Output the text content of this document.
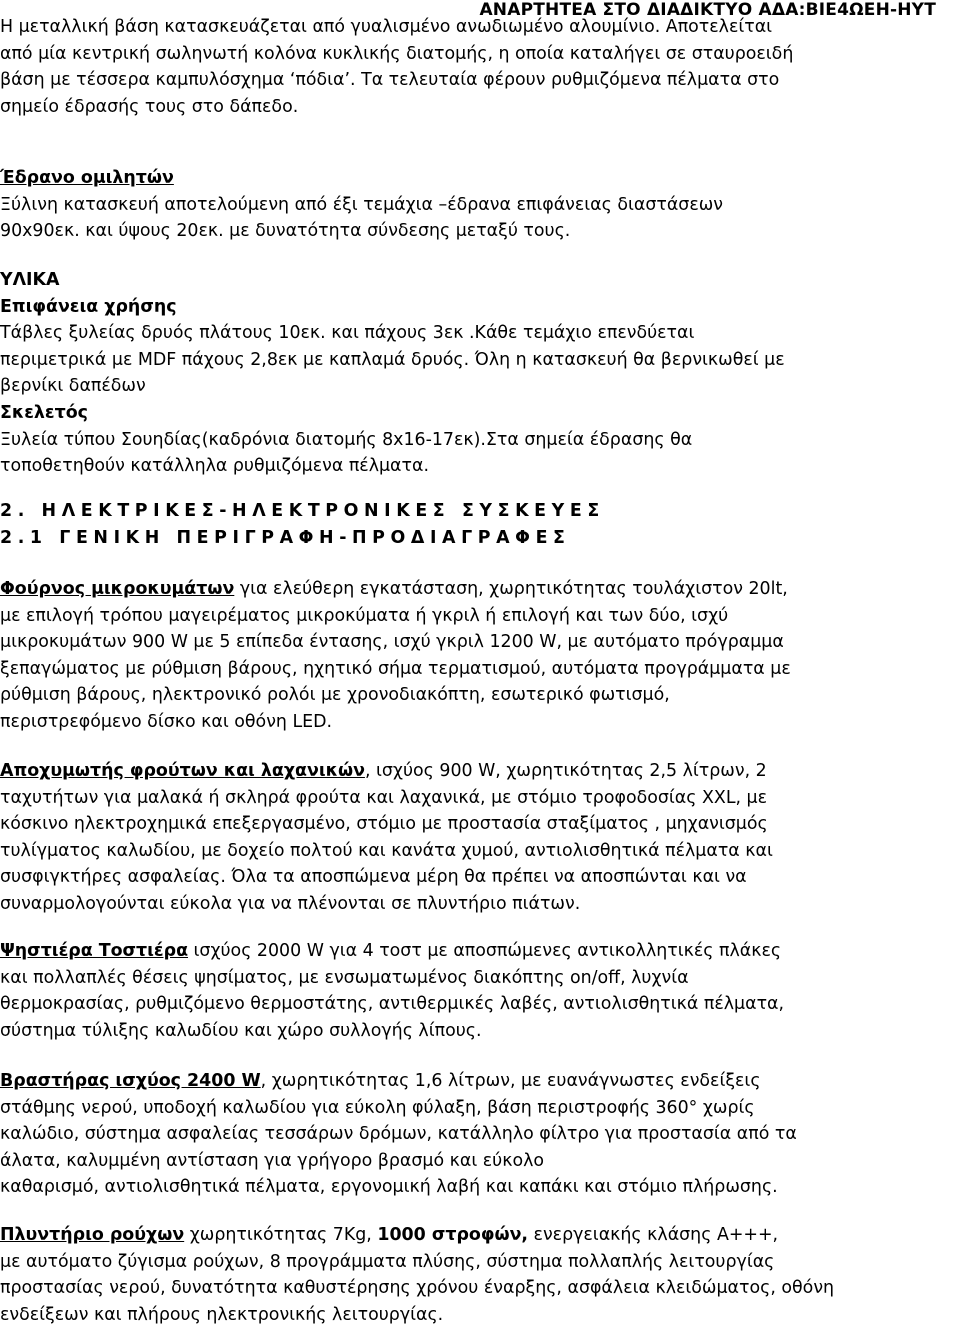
ΑΝΑΡΤΗΤΕΑ ΣΤΟ ΔΙΑΔΙΚΤΥΟ ΑΔΑ:ΒΙΕ4ΩΕΗ-ΗΥΤ
Η μεταλλική βάση κατασκευάζεται από γυαλισμένο ανωδιωμένο αλουμίνιο. Αποτελείται
από μία κεντρική σωληνωτή κολόνα κυκλικής διατομής, η οποία καταλήγει σε σταυροειδή
βάση με τέσσερα καμπυλόσχημα ‘πόδια’. Τα τελευταία φέρουν ρυθμιζόμενα πέλματα στο
σημείο έδρασής τους στο δάπεδο.
Έδρανο ομιλητών
Ξύλινη κατασκευή αποτελούμενη από έξι τεμάχια –έδρανα επιφάνειας διαστάσεων
90x90εκ. και ύψους 20εκ. με δυνατότητα σύνδεσης μεταξύ τους.
ΥΛΙΚΑ
Επιφάνεια χρήσης
Τάβλες ξυλείας δρυός πλάτους 10εκ. και πάχους 3εκ .Κάθε τεμάχιο επενδύεται
περιμετρικά με MDF πάχους 2,8εκ με καπλαμά δρυός. Όλη η κατασκευή θα βερνικωθεί με
βερνίκι δαπέδων
Σκελετός
Ξυλεία τύπου Σουηδίας(καδρόνια διατομής 8x16-17εκ).Στα σημεία έδρασης θα
τοποθετηθούν κατάλληλα ρυθμιζόμενα πέλματα.
2. ΗΛΕΚΤΡΙΚΕΣ-ΗΛΕΚΤΡΟΝΙΚΕΣ ΣΥΣΚΕΥΕΣ
2.1 ΓΕΝΙΚΗ ΠΕΡΙΓΡΑΦΗ-ΠΡΟΔΙΑΓΡΑΦΕΣ
Φούρνος μικροκυμάτων για ελεύθερη εγκατάσταση, χωρητικότητας τουλάχιστον 20lt,
με επιλογή τρόπου μαγειρέματος μικροκύματα ή γκριλ ή επιλογή και των δύο, ισχύ
μικροκυμάτων 900 W με 5 επίπεδα έντασης, ισχύ γκριλ 1200 W, με αυτόματο πρόγραμμα
ξεπαγώματος με ρύθμιση βάρους, ηχητικό σήμα τερματισμού, αυτόματα προγράμματα με
ρύθμιση βάρους, ηλεκτρονικό ρολόι με χρονοδιακόπτη, εσωτερικό φωτισμό,
περιστρεφόμενο δίσκο και οθόνη LED.
Αποχυμωτής φρούτων και λαχανικών, ισχύος 900 W, χωρητικότητας 2,5 λίτρων, 2
ταχυτήτων για μαλακά ή σκληρά φρούτα και λαχανικά, με στόμιο τροφοδοσίας XXL, με
κόσκινο ηλεκτροχημικά επεξεργασμένο, στόμιο με προστασία σταξίματος , μηχανισμός
τυλίγματος καλωδίου, με δοχείο πολτού και κανάτα χυμού, αντιολισθητικά πέλματα και
συσφιγκτήρες ασφαλείας. Όλα τα αποσπώμενα μέρη θα πρέπει να αποσπώνται και να
συναρμολογούνται εύκολα για να πλένονται σε πλυντήριο πιάτων.
Ψηστιέρα Τοστιέρα ισχύος 2000 W για 4 τοστ με αποσπώμενες αντικολλητικές πλάκες
και πολλαπλές θέσεις ψησίματος, με ενσωματωμένος διακόπτης on/off, λυχνία
θερμοκρασίας, ρυθμιζόμενο θερμοστάτης, αντιθερμικές λαβές, αντιολισθητικά πέλματα,
σύστημα τύλιξης καλωδίου και χώρο συλλογής λίπους.
Βραστήρας ισχύος 2400 W, χωρητικότητας 1,6 λίτρων, με ευανάγνωστες ενδείξεις
στάθμης νερού, υποδοχή καλωδίου για εύκολη φύλαξη, βάση περιστροφής 360° χωρίς
καλώδιο, σύστημα ασφαλείας τεσσάρων δρόμων, κατάλληλο φίλτρο για προστασία από τα
άλατα, καλυμμένη αντίσταση για γρήγορο βρασμό και εύκολο
καθαρισμό, αντιολισθητικά πέλματα, εργονομική λαβή και καπάκι και στόμιο πλήρωσης.
Πλυντήριο ρούχων χωρητικότητας 7Kg, 1000 στροφών, ενεργειακής κλάσης Α+++,
με αυτόματο ζύγισμα ρούχων, 8 προγράμματα πλύσης, σύστημα πολλαπλής λειτουργίας
προστασίας νερού, δυνατότητα καθυστέρησης χρόνου έναρξης, ασφάλεια κλειδώματος, οθόνη
ενδείξεων και πλήρους ηλεκτρονικής λειτουργίας.
